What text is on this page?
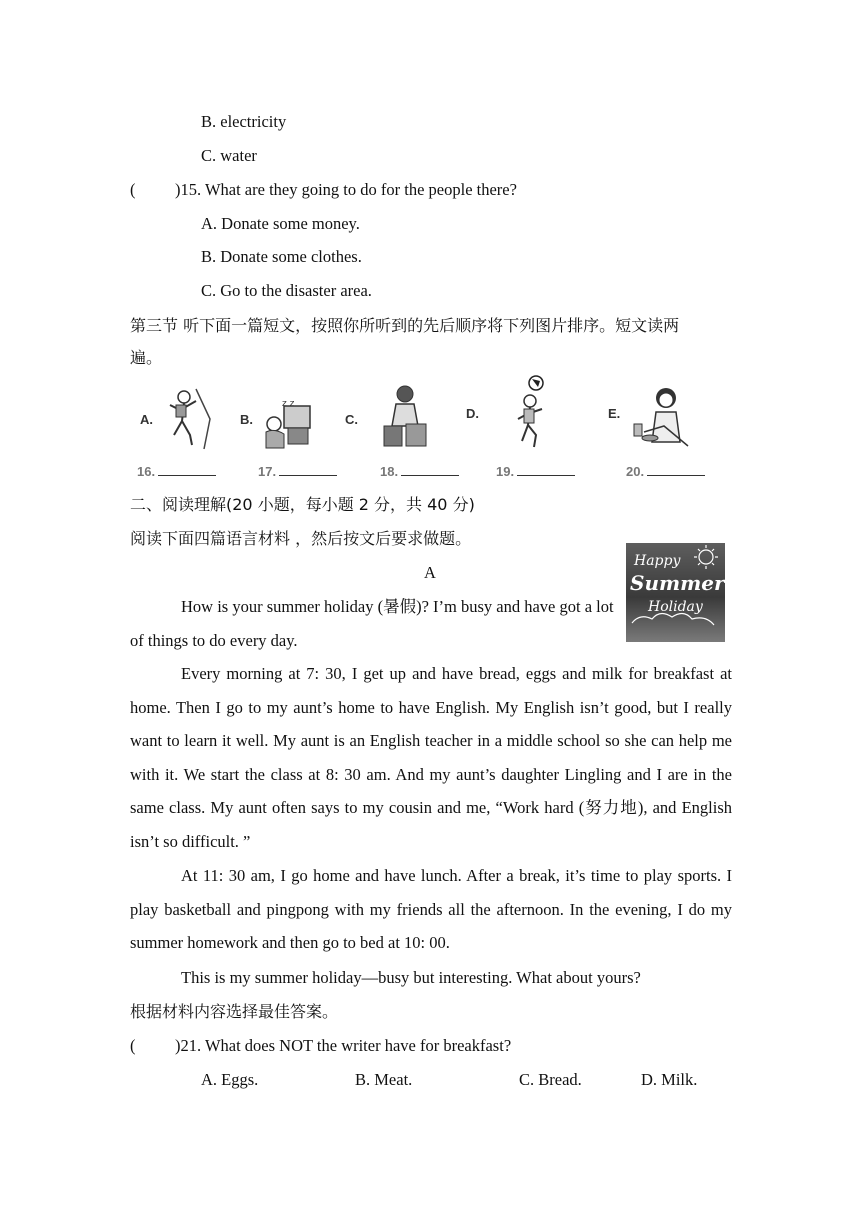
B. electricity
C. water
( )15. What are they going to do for the people there?
A. Donate some money.
B. Donate some clothes.
C. Go to the disaster area.
第三节 听下面一篇短文，按照你所听到的先后顺序将下列图片排序。短文读两
遍。
A.	B.
z z
C.	D.	E.
16.	17.	18.	19.	20.
二、阅读理解(20 小题，每小题 2 分，共 40 分)
阅读下面四篇语言材料 ，然后按文后要求做题。
A
Happy
Summer
Holiday
How is your summer holiday (暑假)? I’m busy and have got a lot of things to do every day.
Every morning at 7: 30, I get up and have bread, eggs and milk for breakfast at home. Then I go to my aunt’s home to have English. My English isn’t good, but I really want to learn it well. My aunt is an English teacher in a middle school so she can help me with it. We start the class at 8: 30 am. And my aunt’s daughter Lingling and I are in the same class. My aunt often says to my cousin and me, “Work hard (努力地), and English isn’t so difficult. ”
At 11: 30 am, I go home and have lunch. After a break, it’s time to play sports. I play basketball and pingpong with my friends all the afternoon. In the evening, I do my summer homework and then go to bed at 10: 00.
This is my summer holiday—busy but interesting. What about yours?
根据材料内容选择最佳答案。
( )21. What does NOT the writer have for breakfast?
A. Eggs.	B. Meat.	C. Bread.	D. Milk.
